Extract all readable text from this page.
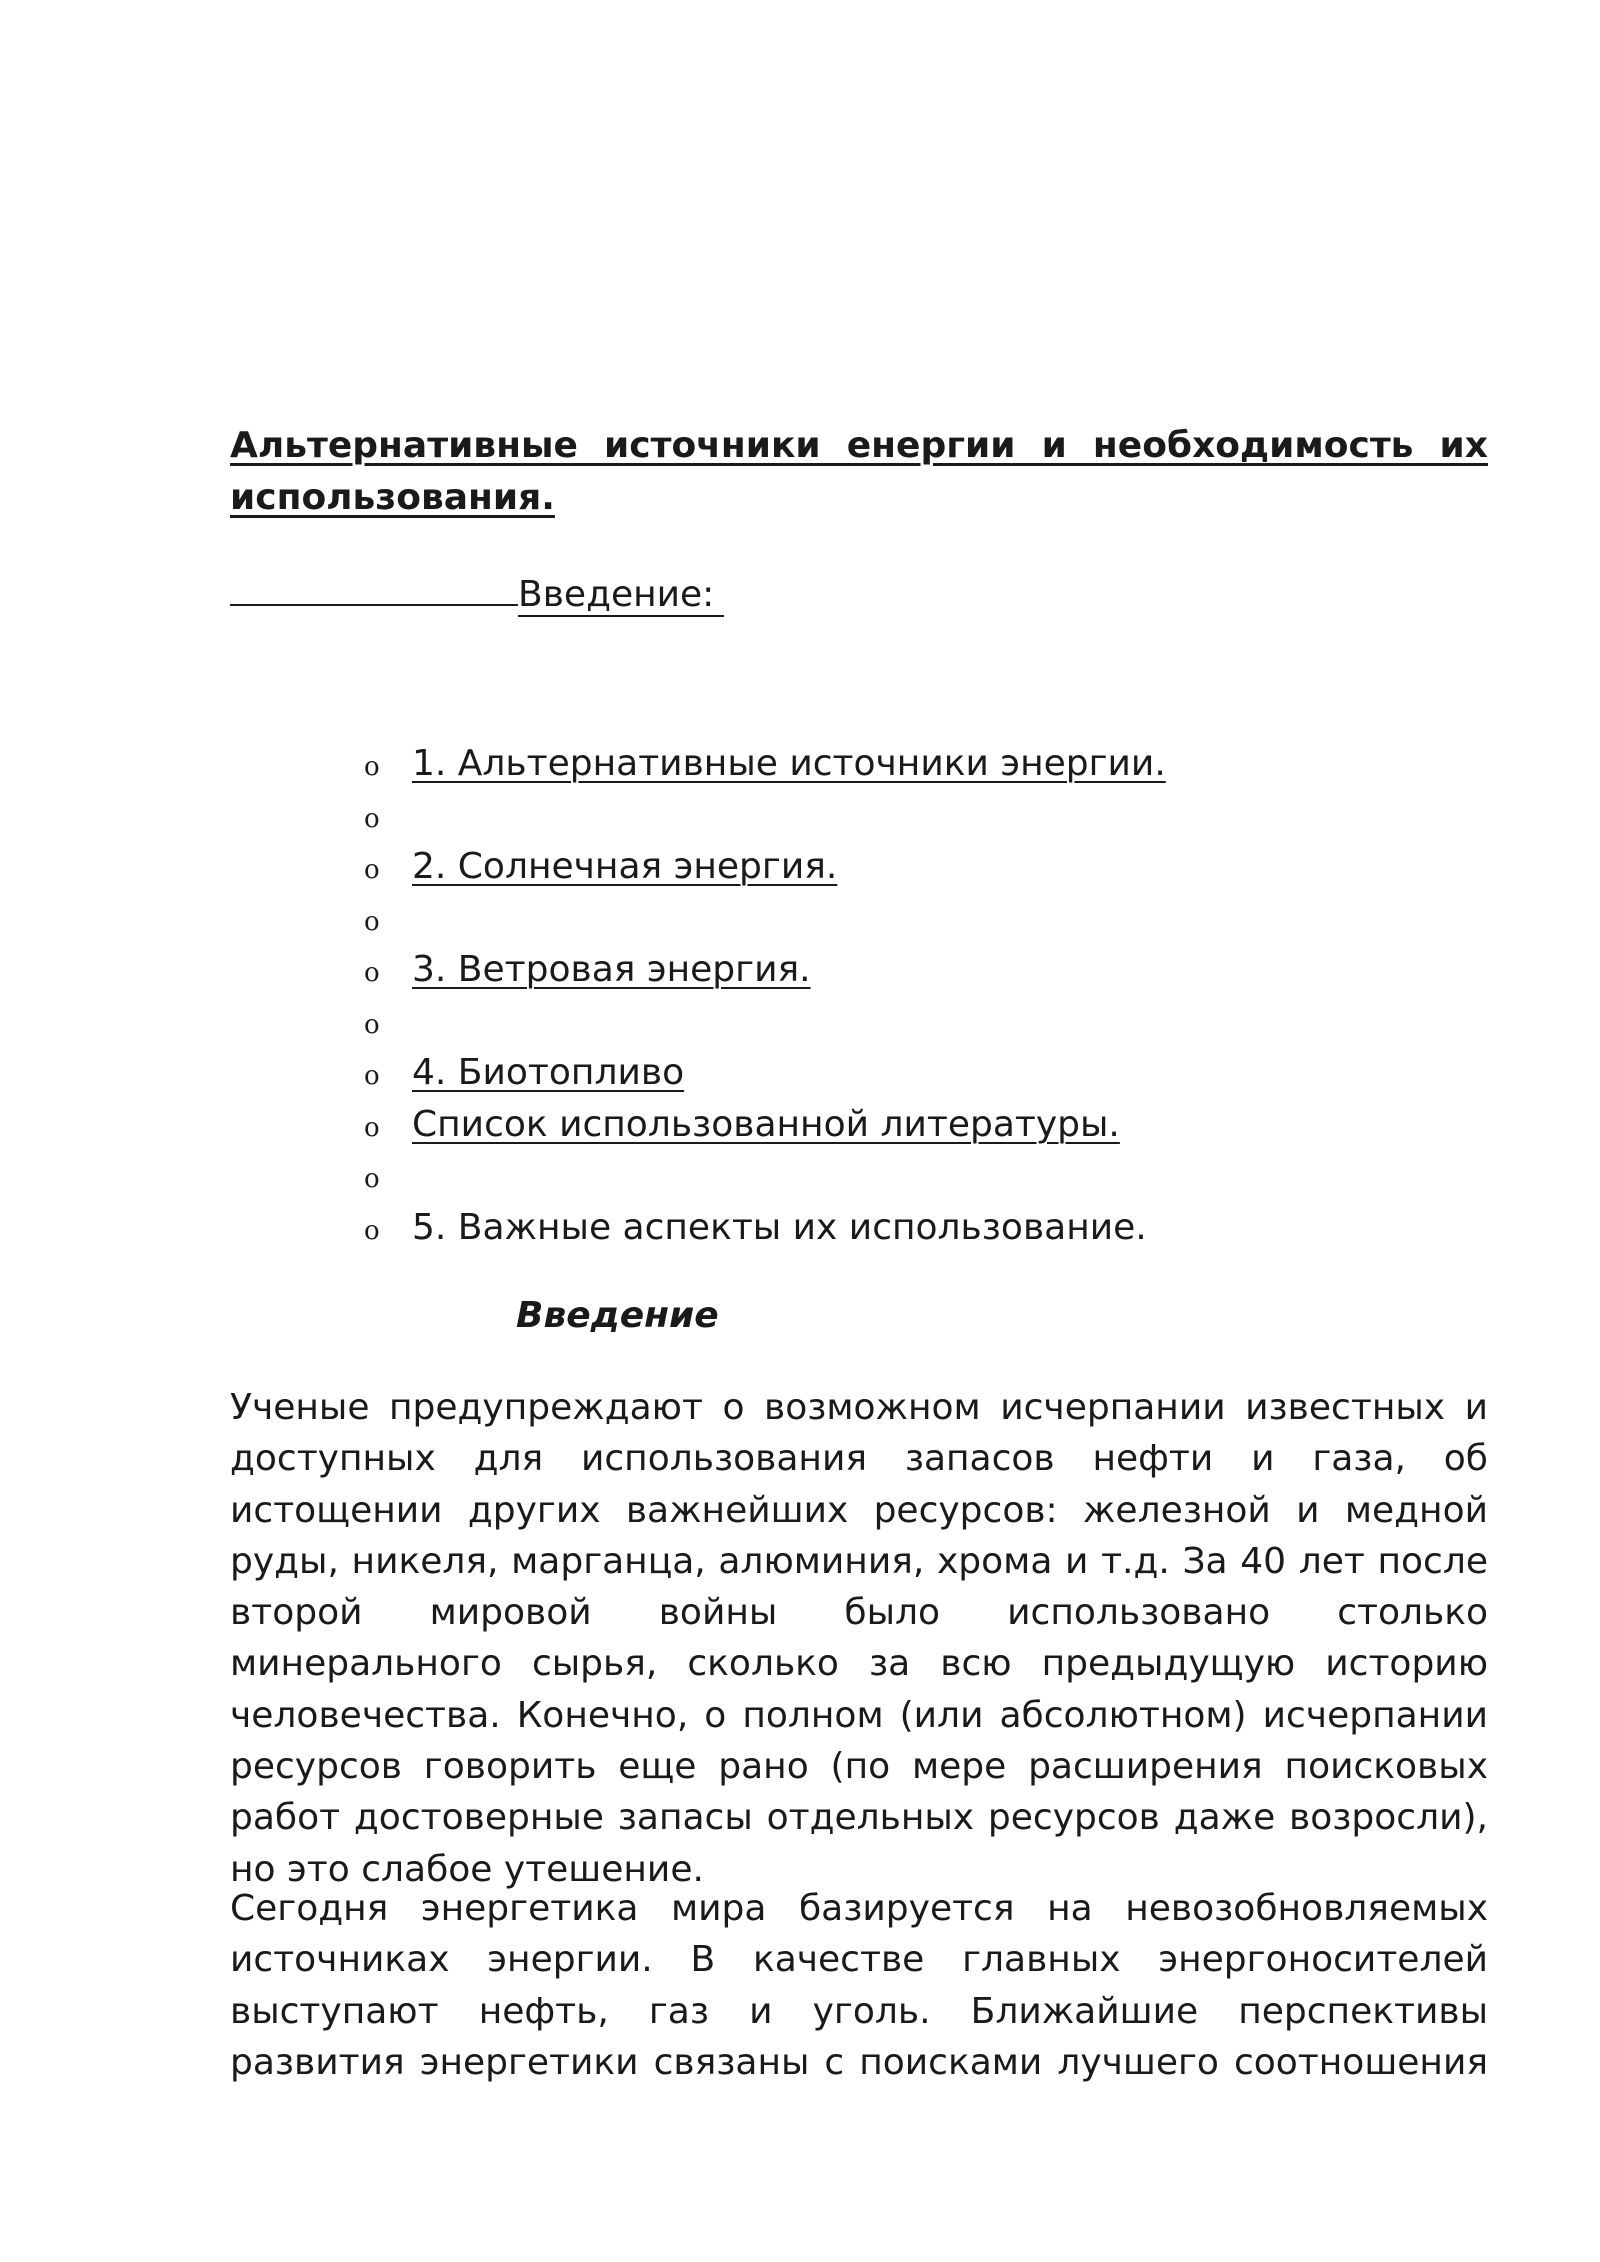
Альтернативные источники енергии и необходимость их использования.
Введение:
o 1. Альтернативные источники энергии.
o
o 2. Солнечная энергия.
o
o 3. Ветровая энергия.
o
o 4. Биотопливо
o Список использованной литературы.
o
o 5. Важные аспекты их использование.
Введение

Ученые предупреждают о возможном исчерпании известных и доступных для использования запасов нефти и газа, об истощении других важнейших ресурсов: железной и медной руды, никеля, марганца, алюминия, хрома и т.д. За 40 лет после второй мировой войны было использовано столько минерального сырья, сколько за всю предыдущую историю человечества. Конечно, о полном (или абсолютном) исчерпании ресурсов говорить еще рано (по мере расширения поисковых работ достоверные запасы отдельных ресурсов даже возросли), но это слабое утешение.

Сегодня энергетика мира базируется на невозобновляемых источниках энергии. В качестве главных энергоносителей выступают нефть, газ и уголь. Ближайшие перспективы развития энергетики связаны с поисками лучшего соотношения
